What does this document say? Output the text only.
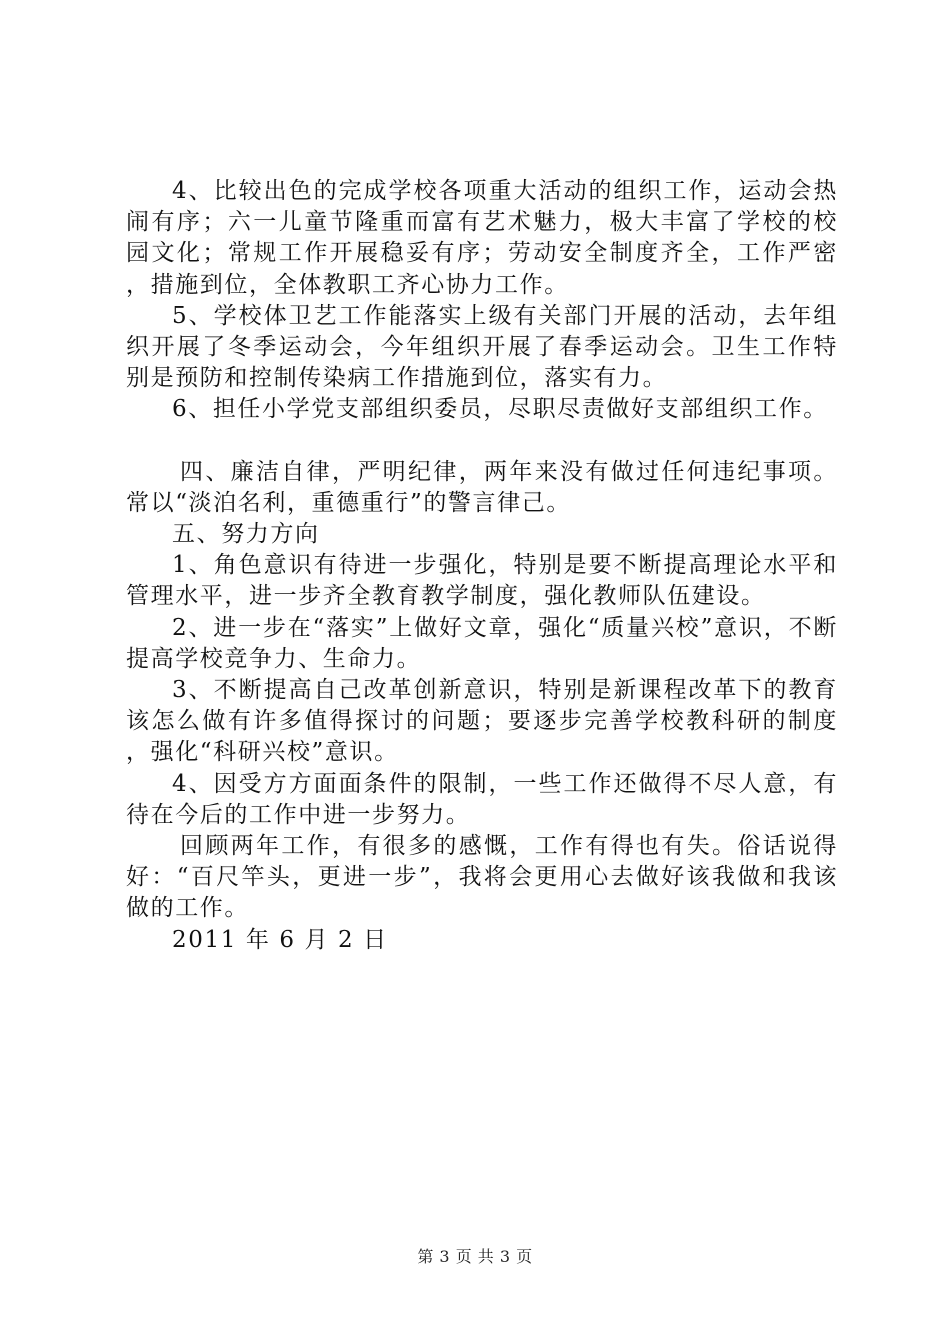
4、比较出色的完成学校各项重大活动的组织工作，运动会热闹有序；六一儿童节隆重而富有艺术魅力，极大丰富了学校的校园文化；常规工作开展稳妥有序；劳动安全制度齐全，工作严密，措施到位，全体教职工齐心协力工作。

5、学校体卫艺工作能落实上级有关部门开展的活动，去年组织开展了冬季运动会，今年组织开展了春季运动会。卫生工作特别是预防和控制传染病工作措施到位，落实有力。

6、担任小学党支部组织委员，尽职尽责做好支部组织工作。

四、廉洁自律，严明纪律，两年来没有做过任何违纪事项。常以“淡泊名利，重德重行”的警言律己。

五、努力方向

1、角色意识有待进一步强化，特别是要不断提高理论水平和管理水平，进一步齐全教育教学制度，强化教师队伍建设。

2、进一步在“落实”上做好文章，强化“质量兴校”意识，不断提高学校竞争力、生命力。

3、不断提高自己改革创新意识，特别是新课程改革下的教育该怎么做有许多值得探讨的问题；要逐步完善学校教科研的制度，强化“科研兴校”意识。

4、因受方方面面条件的限制，一些工作还做得不尽人意，有待在今后的工作中进一步努力。

回顾两年工作，有很多的感慨，工作有得也有失。俗话说得好：“百尺竿头，更进一步”，我将会更用心去做好该我做和我该做的工作。

2011 年 6 月 2 日

第 3 页 共 3 页
